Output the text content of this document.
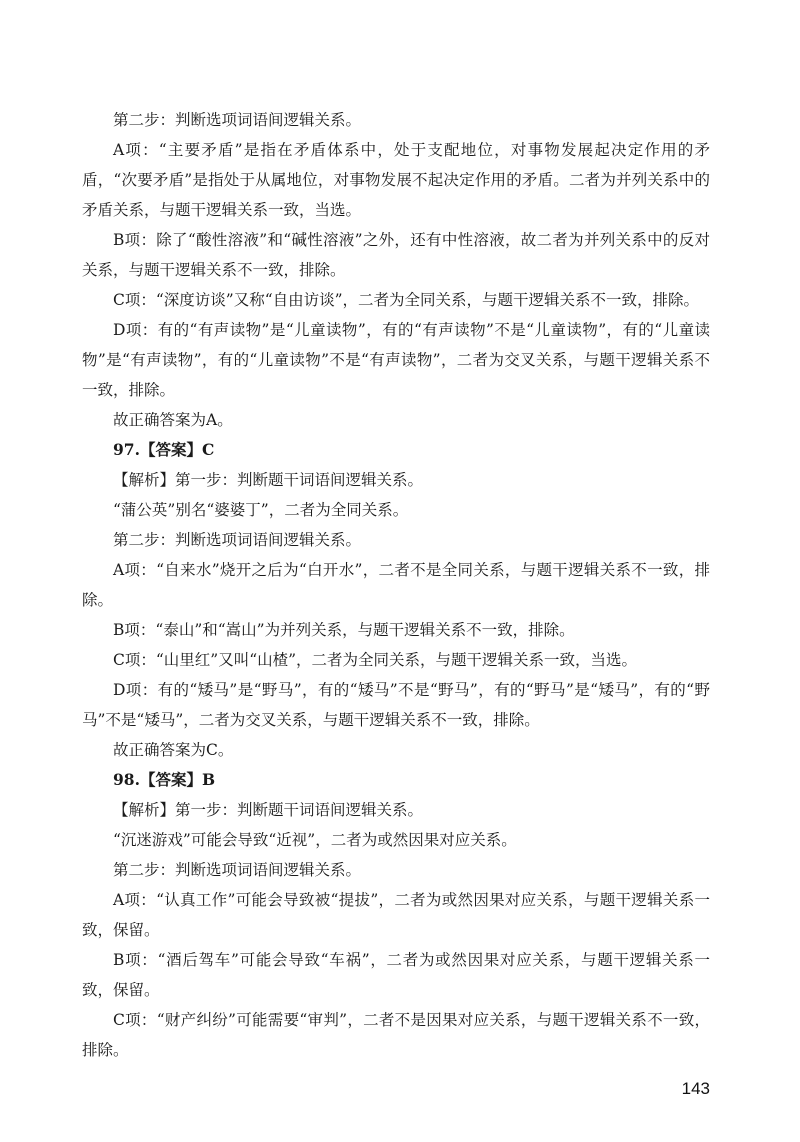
第二步：判断选项词语间逻辑关系。

A项：“主要矛盾”是指在矛盾体系中，处于支配地位，对事物发展起决定作用的矛盾，“次要矛盾”是指处于从属地位，对事物发展不起决定作用的矛盾。二者为并列关系中的矛盾关系，与题干逻辑关系一致，当选。

B项：除了“酸性溶液”和“碱性溶液”之外，还有中性溶液，故二者为并列关系中的反对关系，与题干逻辑关系不一致，排除。

C项：“深度访谈”又称“自由访谈”，二者为全同关系，与题干逻辑关系不一致，排除。

D项：有的“有声读物”是“儿童读物”，有的“有声读物”不是“儿童读物”，有的“儿童读物”是“有声读物”，有的“儿童读物”不是“有声读物”，二者为交叉关系，与题干逻辑关系不一致，排除。

故正确答案为A。

97.【答案】C

【解析】第一步：判断题干词语间逻辑关系。

“蒲公英”别名“婆婆丁”，二者为全同关系。

第二步：判断选项词语间逻辑关系。

A项：“自来水”烧开之后为“白开水”，二者不是全同关系，与题干逻辑关系不一致，排除。

B项：“泰山”和“嵩山”为并列关系，与题干逻辑关系不一致，排除。

C项：“山里红”又叫“山楂”，二者为全同关系，与题干逻辑关系一致，当选。

D项：有的“矮马”是“野马”，有的“矮马”不是“野马”，有的“野马”是“矮马”，有的“野马”不是“矮马”，二者为交叉关系，与题干逻辑关系不一致，排除。

故正确答案为C。

98.【答案】B

【解析】第一步：判断题干词语间逻辑关系。

“沉迷游戏”可能会导致“近视”，二者为或然因果对应关系。

第二步：判断选项词语间逻辑关系。

A项：“认真工作”可能会导致被“提拔”，二者为或然因果对应关系，与题干逻辑关系一致，保留。

B项：“酒后驾车”可能会导致“车祸”，二者为或然因果对应关系，与题干逻辑关系一致，保留。

C项：“财产纠纷”可能需要“审判”，二者不是因果对应关系，与题干逻辑关系不一致，排除。

143
